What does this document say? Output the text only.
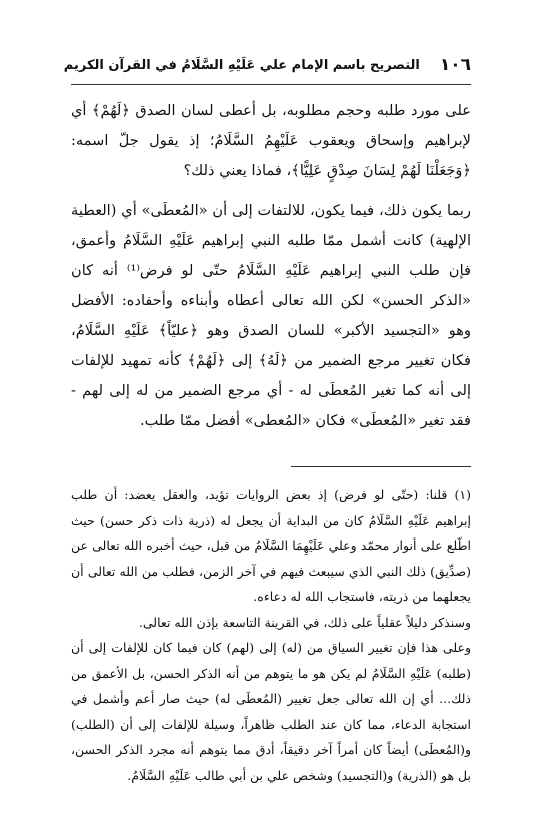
١٠٦
التصريح باسم الإمام علي عَلَيْهِ السَّلَامُ في القرآن الكريم

على مورد طلبه وحجم مطلوبه، بل أعطى لسان الصدق ﴿لَهُمْ﴾ أي لإبراهيم وإسحاق ويعقوب عَلَيْهِمُ السَّلَامُ؛ إذ يقول جلّ اسمه: ﴿وَجَعَلْنَا لَهُمْ لِسَانَ صِدْقٍ عَلِيًّا﴾، فماذا يعني ذلك؟

ربما يكون ذلك، فيما يكون، للالتفات إلى أن «المُعطَى» أي (العطية الإلهية) كانت أشمل ممّا طلبه النبي إبراهيم عَلَيْهِ السَّلَامُ وأعمق، فإن طلب النبي إبراهيم عَلَيْهِ السَّلَامُ حتّى لو فرض⁽¹⁾ أنه كان «الذكر الحسن» لكن الله تعالى أعطاه وأبناءه وأحفاده: الأفضل وهو «التجسيد الأكبر» للسان الصدق وهو ﴿عليّاً﴾ عَلَيْهِ السَّلَامُ، فكان تغيير مرجع الضمير من ﴿لَهُ﴾ إلى ﴿لَهُمْ﴾ كأنه تمهيد للإلفات إلى أنه كما تغير المُعطَى له - أي مرجع الضمير من له إلى لهم - فقد تغير «المُعطَى» فكان «المُعطى» أفضل ممّا طلب.

(١) قلنا: (حتّى لو فرض) إذ بعض الروايات تؤيد، والعقل يعضد: أن طلب إبراهيم عَلَيْهِ السَّلَامُ كان من البداية أن يجعل له (ذرية ذات ذكر حسن) حيث اطّلع على أنوار محمّد وعلي عَلَيْهِمَا السَّلَامُ من قبل، حيث أخبره الله تعالى عن (صدِّيق) ذلك النبي الذي سيبعث فيهم في آخر الزمن، فطلب من الله تعالى أن يجعلهما من ذريته، فاستجاب الله له دعاءه.

وسنذكر دليلاً عقلياً على ذلك، في القرينة التاسعة بإذن الله تعالى.

وعلى هذا فإن تغيير السياق من (له) إلى (لهم) كان فيما كان للإلفات إلى أن (طلبه) عَلَيْهِ السَّلَامُ لم يكن هو ما يتوهم من أنه الذكر الحسن، بل الأعمق من ذلك... أي إن الله تعالى جعل تغيير (المُعطَى له) حيث صار أعم وأشمل في استجابة الدعاء، مما كان عند الطلب ظاهراً، وسيلة للإلفات إلى أن (الطلب) و(المُعطَى) أيضاً كان أمراً آخر دقيقاً، أدق مما يتوهم أنه مجرد الذكر الحسن، بل هو (الذرية) و(التجسيد) وشخص علي بن أبي طالب عَلَيْهِ السَّلَامُ.
